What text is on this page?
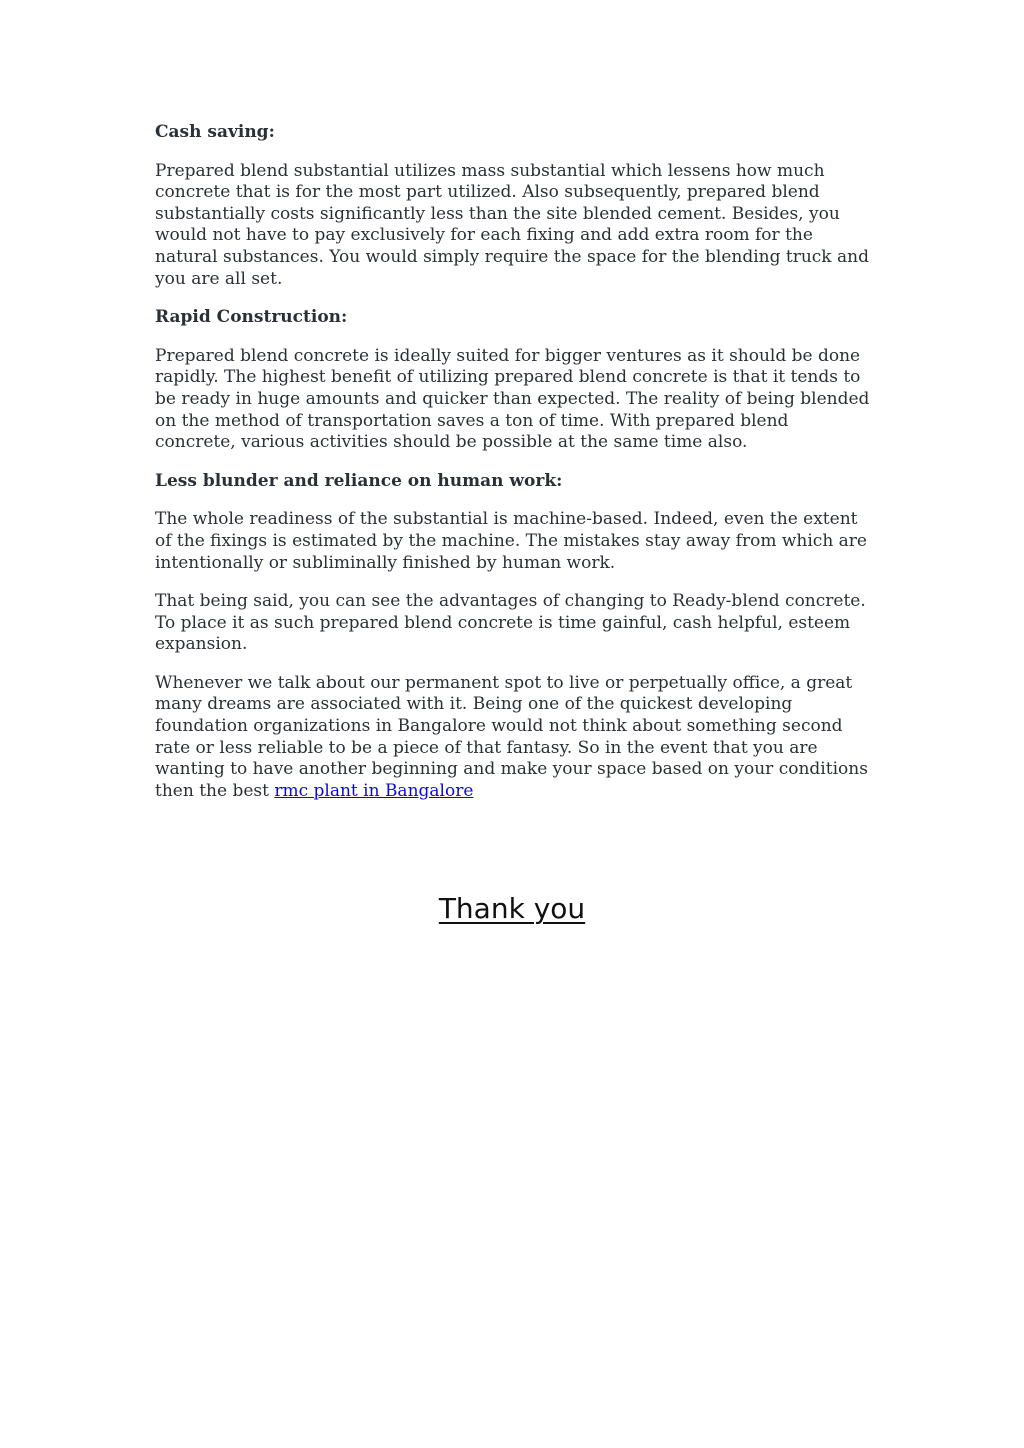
Cash saving:

Prepared blend substantial utilizes mass substantial which lessens how much concrete that is for the most part utilized. Also subsequently, prepared blend substantially costs significantly less than the site blended cement. Besides, you would not have to pay exclusively for each fixing and add extra room for the natural substances. You would simply require the space for the blending truck and you are all set.

Rapid Construction:

Prepared blend concrete is ideally suited for bigger ventures as it should be done rapidly. The highest benefit of utilizing prepared blend concrete is that it tends to be ready in huge amounts and quicker than expected. The reality of being blended on the method of transportation saves a ton of time. With prepared blend concrete, various activities should be possible at the same time also.

Less blunder and reliance on human work:

The whole readiness of the substantial is machine-based. Indeed, even the extent of the fixings is estimated by the machine. The mistakes stay away from which are intentionally or subliminally finished by human work.

That being said, you can see the advantages of changing to Ready-blend concrete. To place it as such prepared blend concrete is time gainful, cash helpful, esteem expansion.

Whenever we talk about our permanent spot to live or perpetually office, a great many dreams are associated with it. Being one of the quickest developing foundation organizations in Bangalore would not think about something second rate or less reliable to be a piece of that fantasy. So in the event that you are wanting to have another beginning and make your space based on your conditions then the best rmc plant in Bangalore

Thank you
